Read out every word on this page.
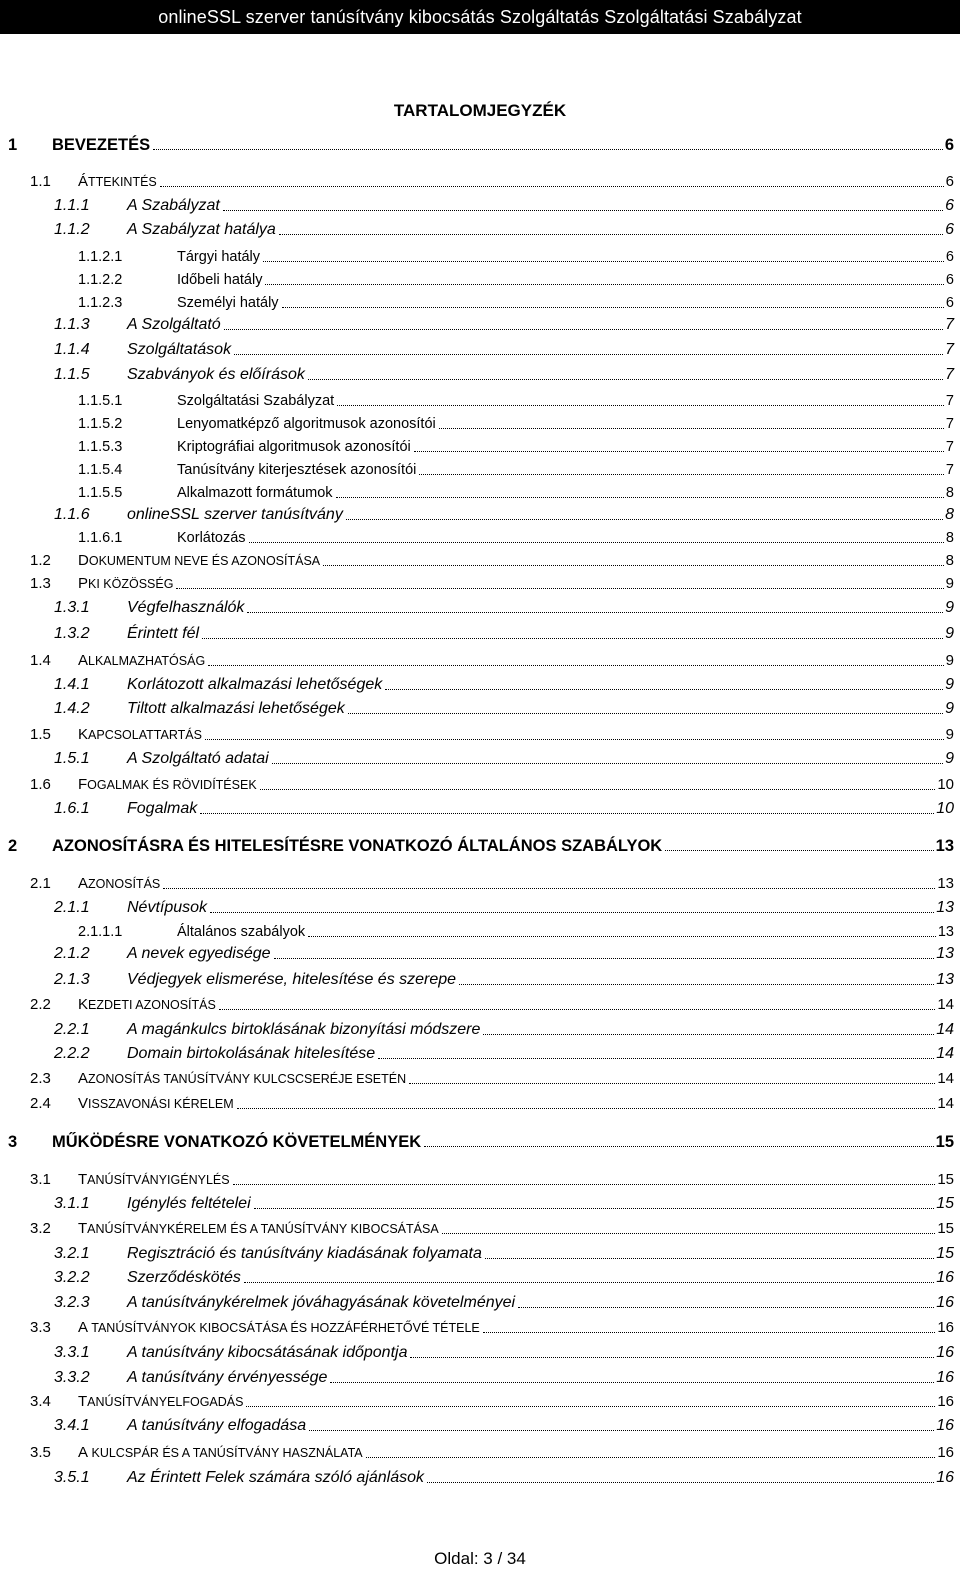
onlineSSL szerver tanúsítvány kibocsátás Szolgáltatás Szolgáltatási Szabályzat
TARTALOMJEGYZÉK
1	BEVEZETÉS	6
1.1	ÁTTEKINTÉS	6
1.1.1	A Szabályzat	6
1.1.2	A Szabályzat hatálya	6
1.1.2.1	Tárgyi hatály	6
1.1.2.2	Időbeli hatály	6
1.1.2.3	Személyi hatály	6
1.1.3	A Szolgáltató	7
1.1.4	Szolgáltatások	7
1.1.5	Szabványok és előírások	7
1.1.5.1	Szolgáltatási Szabályzat	7
1.1.5.2	Lenyomatképző algoritmusok azonosítói	7
1.1.5.3	Kriptográfiai algoritmusok azonosítói	7
1.1.5.4	Tanúsítvány kiterjesztések azonosítói	7
1.1.5.5	Alkalmazott formátumok	8
1.1.6	onlineSSL szerver tanúsítvány	8
1.1.6.1	Korlátozás	8
1.2	DOKUMENTUM NEVE ÉS AZONOSÍTÁSA	8
1.3	PKI KÖZÖSSÉG	9
1.3.1	Végfelhasználók	9
1.3.2	Érintett fél	9
1.4	ALKALMAZHATÓSÁG	9
1.4.1	Korlátozott alkalmazási lehetőségek	9
1.4.2	Tiltott alkalmazási lehetőségek	9
1.5	KAPCSOLATTARTÁS	9
1.5.1	A Szolgáltató adatai	9
1.6	FOGALMAK ÉS RÖVIDÍTÉSEK	10
1.6.1	Fogalmak	10
2	AZONOSÍTÁSRA ÉS HITELESÍTÉSRE VONATKOZÓ ÁLTALÁNOS SZABÁLYOK	13
2.1	AZONOSÍTÁS	13
2.1.1	Névtípusok	13
2.1.1.1	Általános szabályok	13
2.1.2	A nevek egyedisége	13
2.1.3	Védjegyek elismerése, hitelesítése és szerepe	13
2.2	KEZDETI AZONOSÍTÁS	14
2.2.1	A magánkulcs birtoklásának bizonyítási módszere	14
2.2.2	Domain birtokolásának hitelesítése	14
2.3	AZONOSÍTÁS TANÚSÍTVÁNY KULCSCSERÉJE ESETÉN	14
2.4	VISSZAVONÁSI KÉRELEM	14
3	MŰKÖDÉSRE VONATKOZÓ KÖVETELMÉNYEK	15
3.1	TANÚSÍTVÁNYIGÉNYLÉS	15
3.1.1	Igénylés feltételei	15
3.2	TANÚSÍTVÁNYKÉRELEM ÉS A TANÚSÍTVÁNY KIBOCSÁTÁSA	15
3.2.1	Regisztráció és tanúsítvány kiadásának folyamata	15
3.2.2	Szerződéskötés	16
3.2.3	A tanúsítványkérelmek jóváhagyásának követelményei	16
3.3	A TANÚSÍTVÁNYOK KIBOCSÁTÁSA ÉS HOZZÁFÉRHETŐVÉ TÉTELE	16
3.3.1	A tanúsítvány kibocsátásának időpontja	16
3.3.2	A tanúsítvány érvényessége	16
3.4	TANÚSÍTVÁNYELFOGADÁS	16
3.4.1	A tanúsítvány elfogadása	16
3.5	A KULCSPÁR ÉS A TANÚSÍTVÁNY HASZNÁLATA	16
3.5.1	Az Érintett Felek számára szóló ajánlások	16
Oldal: 3 / 34
